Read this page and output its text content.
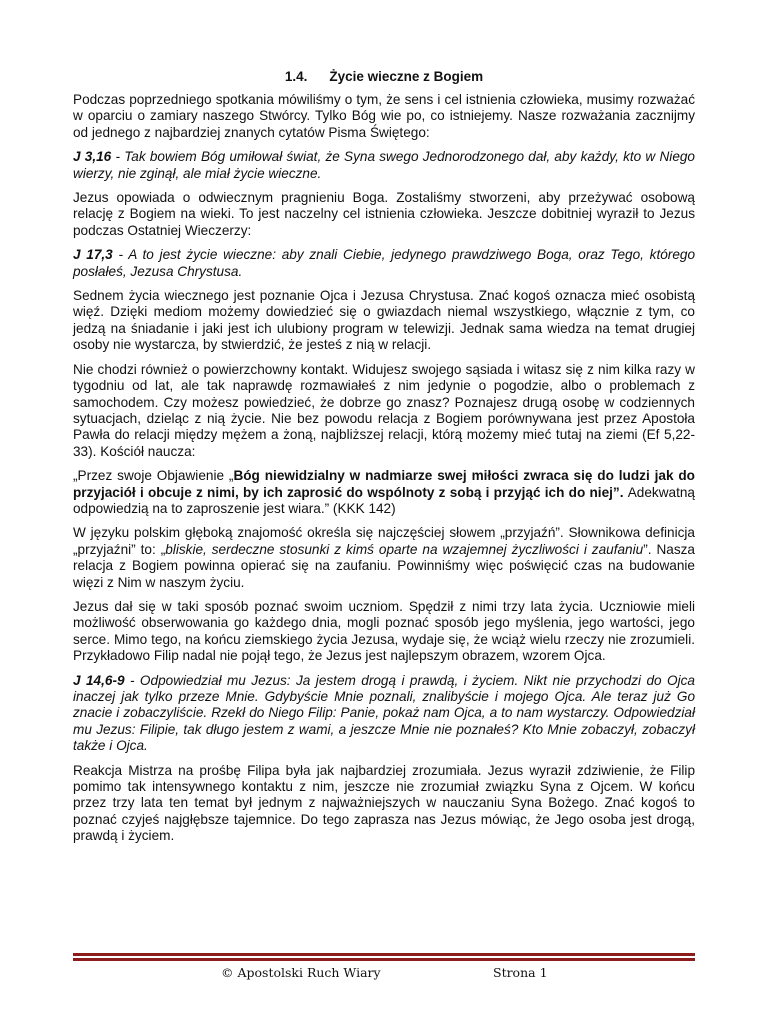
1.4. Życie wieczne z Bogiem

Podczas poprzedniego spotkania mówiliśmy o tym, że sens i cel istnienia człowieka, musimy rozważać w oparciu o zamiary naszego Stwórcy. Tylko Bóg wie po, co istniejemy. Nasze rozważania zacznijmy od jednego z najbardziej znanych cytatów Pisma Świętego:

J 3,16 - Tak bowiem Bóg umiłował świat, że Syna swego Jednorodzonego dał, aby każdy, kto w Niego wierzy, nie zginął, ale miał życie wieczne.

Jezus opowiada o odwiecznym pragnieniu Boga. Zostaliśmy stworzeni, aby przeżywać osobową relację z Bogiem na wieki. To jest naczelny cel istnienia człowieka. Jeszcze dobitniej wyraził to Jezus podczas Ostatniej Wieczerzy:

J 17,3 - A to jest życie wieczne: aby znali Ciebie, jedynego prawdziwego Boga, oraz Tego, którego posłałeś, Jezusa Chrystusa.

Sednem życia wiecznego jest poznanie Ojca i Jezusa Chrystusa. Znać kogoś oznacza mieć osobistą więź. Dzięki mediom możemy dowiedzieć się o gwiazdach niemal wszystkiego, włącznie z tym, co jedzą na śniadanie i jaki jest ich ulubiony program w telewizji. Jednak sama wiedza na temat drugiej osoby nie wystarcza, by stwierdzić, że jesteś z nią w relacji.

Nie chodzi również o powierzchowny kontakt. Widujesz swojego sąsiada i witasz się z nim kilka razy w tygodniu od lat, ale tak naprawdę rozmawiałeś z nim jedynie o pogodzie, albo o problemach z samochodem. Czy możesz powiedzieć, że dobrze go znasz? Poznajesz drugą osobę w codziennych sytuacjach, dzieląc z nią życie. Nie bez powodu relacja z Bogiem porównywana jest przez Apostoła Pawła do relacji między mężem a żoną, najbliższej relacji, którą możemy mieć tutaj na ziemi (Ef 5,22-33). Kościół naucza:

„Przez swoje Objawienie „Bóg niewidzialny w nadmiarze swej miłości zwraca się do ludzi jak do przyjaciół i obcuje z nimi, by ich zaprosić do wspólnoty z sobą i przyjąć ich do niej”. Adekwatną odpowiedzią na to zaproszenie jest wiara.” (KKK 142)

W języku polskim głęboką znajomość określa się najczęściej słowem „przyjaźń”. Słownikowa definicja „przyjaźni” to: „bliskie, serdeczne stosunki z kimś oparte na wzajemnej życzliwości i zaufaniu”. Nasza relacja z Bogiem powinna opierać się na zaufaniu. Powinniśmy więc poświęcić czas na budowanie więzi z Nim w naszym życiu.

Jezus dał się w taki sposób poznać swoim uczniom. Spędził z nimi trzy lata życia. Uczniowie mieli możliwość obserwowania go każdego dnia, mogli poznać sposób jego myślenia, jego wartości, jego serce. Mimo tego, na końcu ziemskiego życia Jezusa, wydaje się, że wciąż wielu rzeczy nie zrozumieli. Przykładowo Filip nadal nie pojął tego, że Jezus jest najlepszym obrazem, wzorem Ojca.

J 14,6-9 - Odpowiedział mu Jezus: Ja jestem drogą i prawdą, i życiem. Nikt nie przychodzi do Ojca inaczej jak tylko przeze Mnie. Gdybyście Mnie poznali, znalibyście i mojego Ojca. Ale teraz już Go znacie i zobaczyliście. Rzekł do Niego Filip: Panie, pokaż nam Ojca, a to nam wystarczy. Odpowiedział mu Jezus: Filipie, tak długo jestem z wami, a jeszcze Mnie nie poznałeś? Kto Mnie zobaczył, zobaczył także i Ojca.

Reakcja Mistrza na prośbę Filipa była jak najbardziej zrozumiała. Jezus wyraził zdziwienie, że Filip pomimo tak intensywnego kontaktu z nim, jeszcze nie zrozumiał związku Syna z Ojcem. W końcu przez trzy lata ten temat był jednym z najważniejszych w nauczaniu Syna Bożego. Znać kogoś to poznać czyjeś najgłębsze tajemnice. Do tego zaprasza nas Jezus mówiąc, że Jego osoba jest drogą, prawdą i życiem.

© Apostolski Ruch Wiary	Strona 1
